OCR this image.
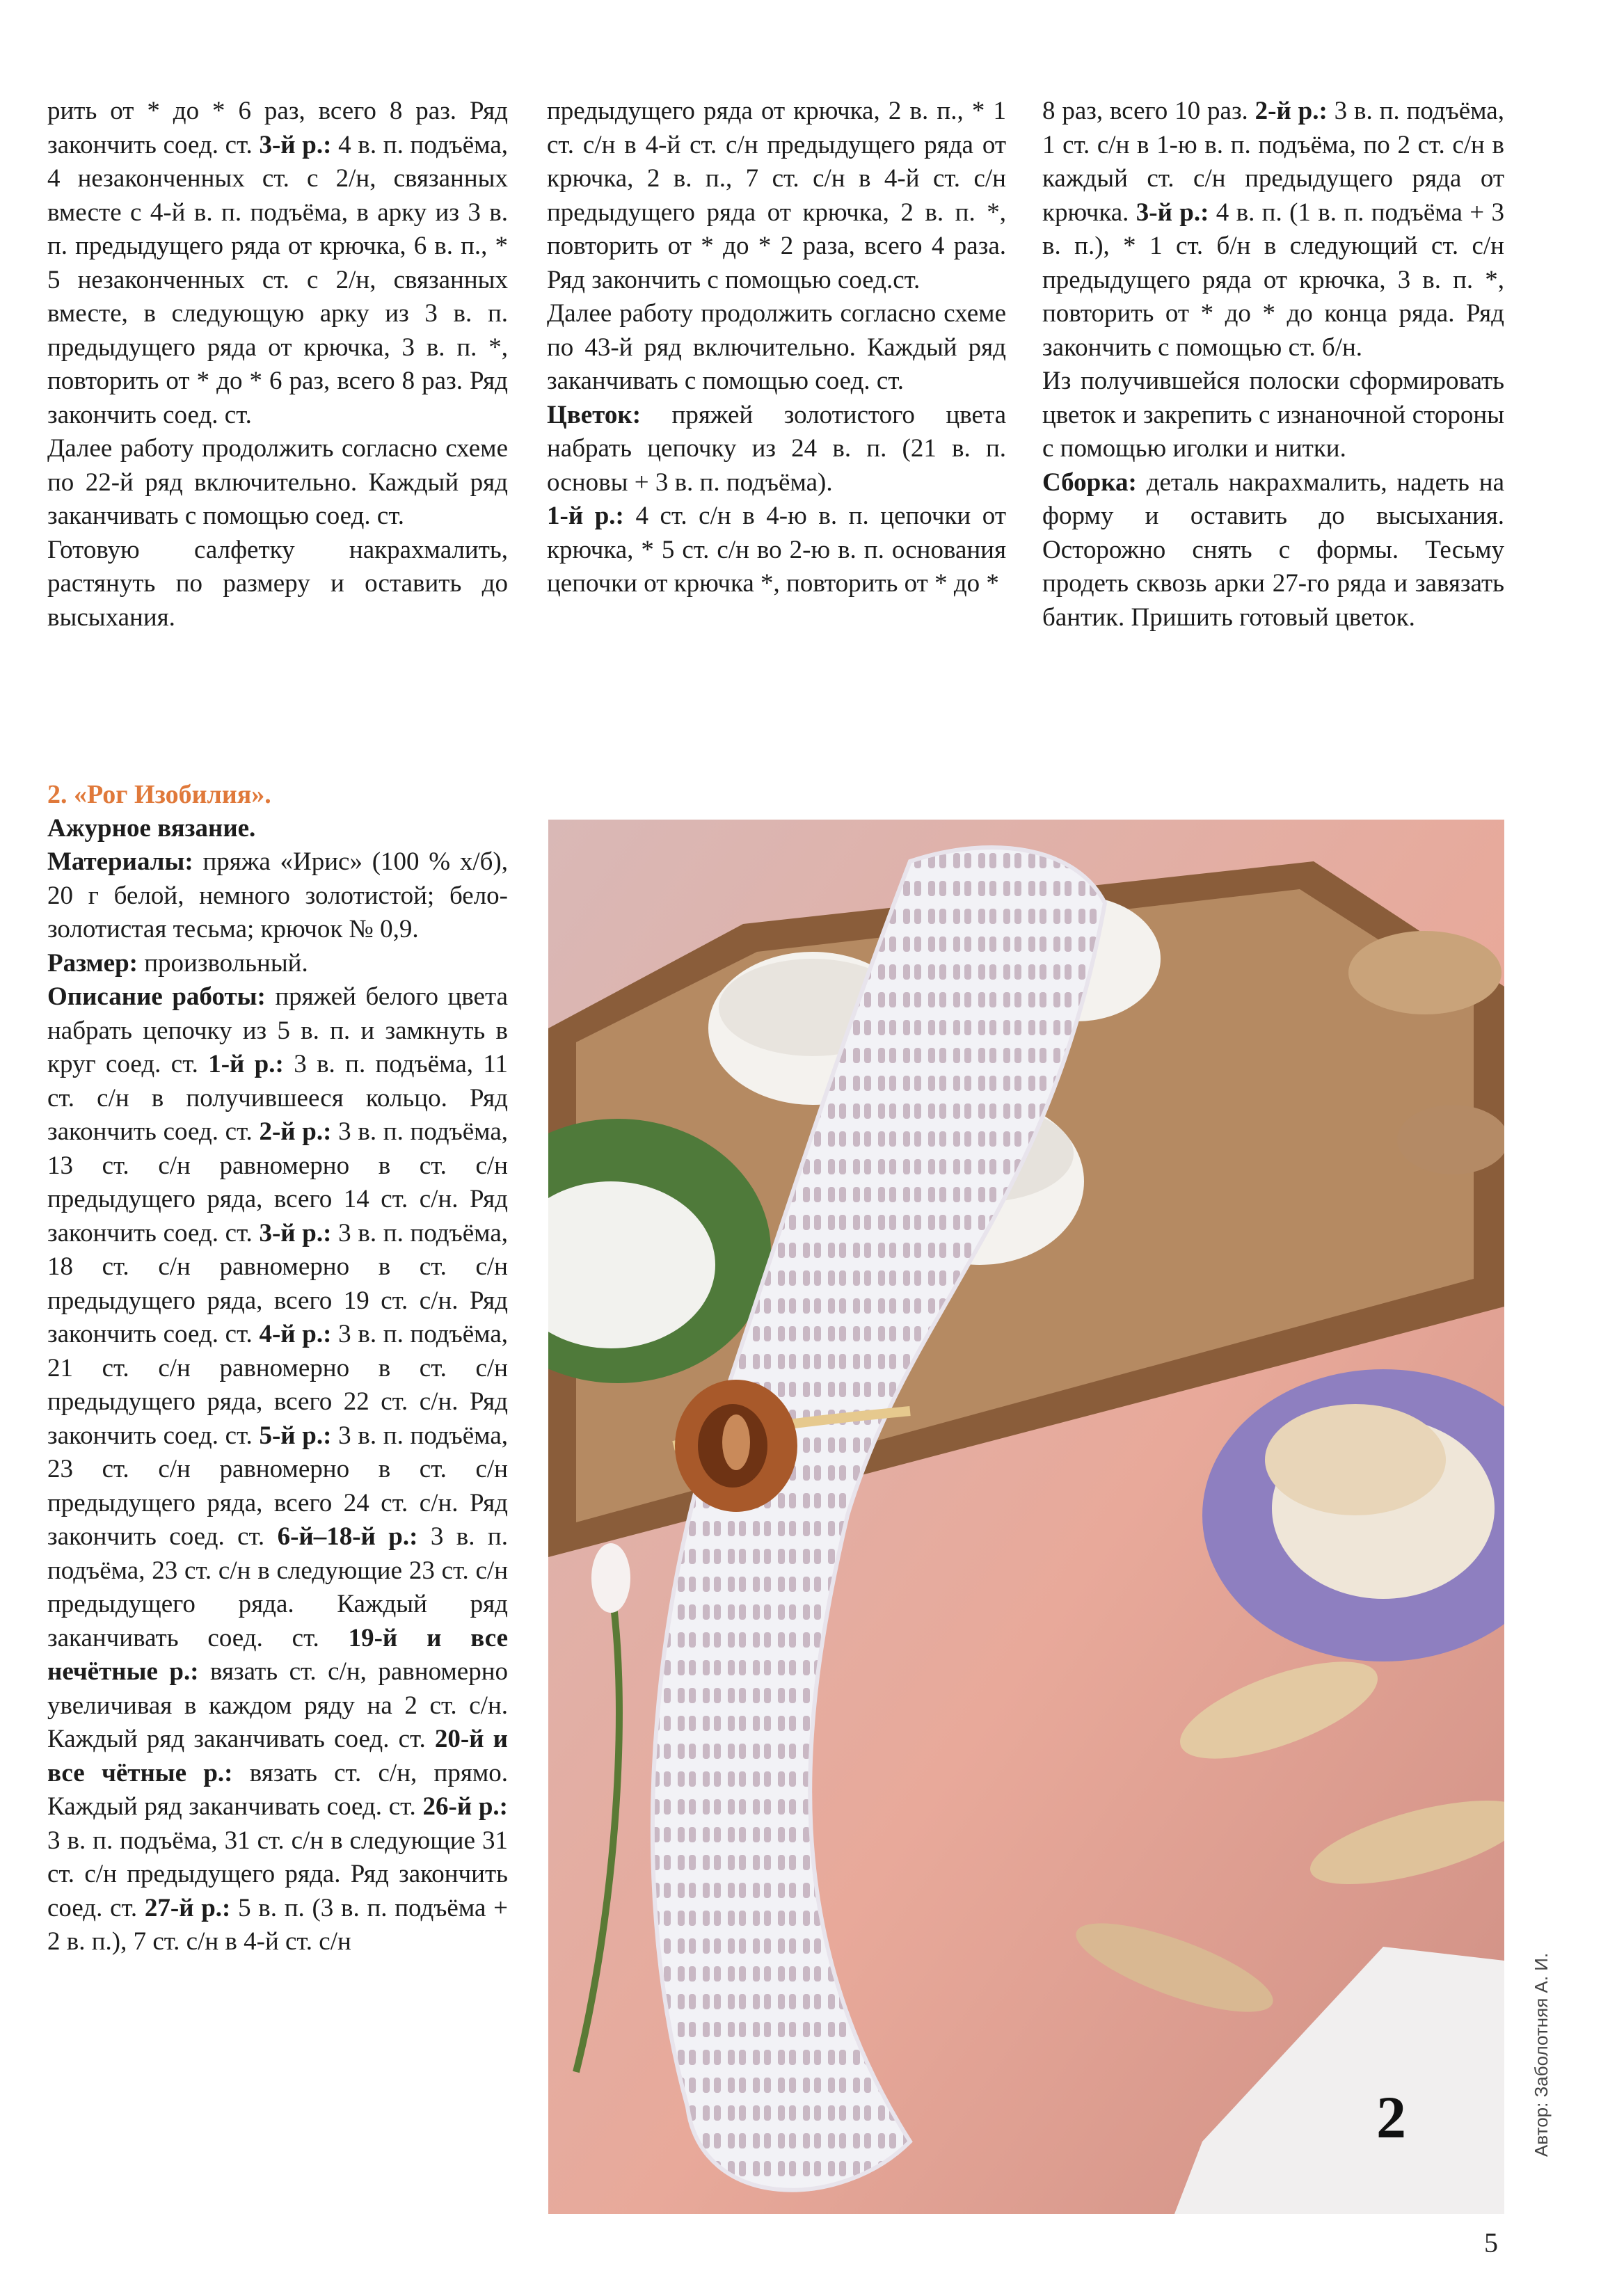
рить от * до * 6 раз, всего 8 раз. Ряд закончить соед. ст. 3-й р.: 4 в. п. подъёма, 4 незаконченных ст. с 2/н, связанных вместе с 4-й в. п. подъёма, в арку из 3 в. п. предыдущего ряда от крючка, 6 в. п., * 5 незаконченных ст. с 2/н, связанных вместе, в следующую арку из 3 в. п. предыдущего ряда от крючка, 3 в. п. *, повторить от * до * 6 раз, всего 8 раз. Ряд закончить соед. ст.

Далее работу продолжить согласно схеме по 22-й ряд включительно. Каждый ряд заканчивать с помощью соед. ст.

Готовую салфетку накрахмалить, растянуть по размеру и оставить до высыхания.

2. «Рог Изобилия».

Ажурное вязание.

Материалы: пряжа «Ирис» (100 % х/б), 20 г белой, немного золотистой; бело-золотистая тесьма; крючок № 0,9.

Размер: произвольный.

Описание работы: пряжей белого цвета набрать цепочку из 5 в. п. и замкнуть в круг соед. ст. 1-й р.: 3 в. п. подъёма, 11 ст. с/н в получившееся кольцо. Ряд закончить соед. ст. 2-й р.: 3 в. п. подъёма, 13 ст. с/н равномерно в ст. с/н предыдущего ряда, всего 14 ст. с/н. Ряд закончить соед. ст. 3-й р.: 3 в. п. подъёма, 18 ст. с/н равномерно в ст. с/н предыдущего ряда, всего 19 ст. с/н. Ряд закончить соед. ст. 4-й р.: 3 в. п. подъёма, 21 ст. с/н равномерно в ст. с/н предыдущего ряда, всего 22 ст. с/н. Ряд закончить соед. ст. 5-й р.: 3 в. п. подъёма, 23 ст. с/н равномерно в ст. с/н предыдущего ряда, всего 24 ст. с/н. Ряд закончить соед. ст. 6-й–18-й р.: 3 в. п. подъёма, 23 ст. с/н в следующие 23 ст. с/н предыдущего ряда. Каждый ряд заканчивать соед. ст. 19-й и все нечётные р.: вязать ст. с/н, равномерно увеличивая в каждом ряду на 2 ст. с/н. Каждый ряд заканчивать соед. ст. 20-й и все чётные р.: вязать ст. с/н, прямо. Каждый ряд заканчивать соед. ст. 26-й р.: 3 в. п. подъёма, 31 ст. с/н в следующие 31 ст. с/н предыдущего ряда. Ряд закончить соед. ст. 27-й р.: 5 в. п. (3 в. п. подъёма + 2 в. п.), 7 ст. с/н в 4-й ст. с/н

предыдущего ряда от крючка, 2 в. п., * 1 ст. с/н в 4-й ст. с/н предыдущего ряда от крючка, 2 в. п., 7 ст. с/н в 4-й ст. с/н предыдущего ряда от крючка, 2 в. п. *, повторить от * до * 2 раза, всего 4 раза. Ряд закончить с помощью соед.ст.

Далее работу продолжить согласно схеме по 43-й ряд включительно. Каждый ряд заканчивать с помощью соед. ст.

Цветок: пряжей золотистого цвета набрать цепочку из 24 в. п. (21 в. п. основы + 3 в. п. подъёма).

1-й р.: 4 ст. с/н в 4-ю в. п. цепочки от крючка, * 5 ст. с/н во 2-ю в. п. основания цепочки от крючка *, повторить от * до *

8 раз, всего 10 раз. 2-й р.: 3 в. п. подъёма, 1 ст. с/н в 1-ю в. п. подъёма, по 2 ст. с/н в каждый ст. с/н предыдущего ряда от крючка. 3-й р.: 4 в. п. (1 в. п. подъёма + 3 в. п.), * 1 ст. б/н в следующий ст. с/н предыдущего ряда от крючка, 3 в. п. *, повторить от * до * до конца ряда. Ряд закончить с помощью ст. б/н.

Из получившейся полоски сформировать цветок и закрепить с изнаночной стороны с помощью иголки и нитки.

Сборка: деталь накрахмалить, надеть на форму и оставить до высыхания. Осторожно снять с формы. Тесьму продеть сквозь арки 27-го ряда и завязать бантик. Пришить готовый цветок.

2	Автор: Заболотняя А. И.
5
